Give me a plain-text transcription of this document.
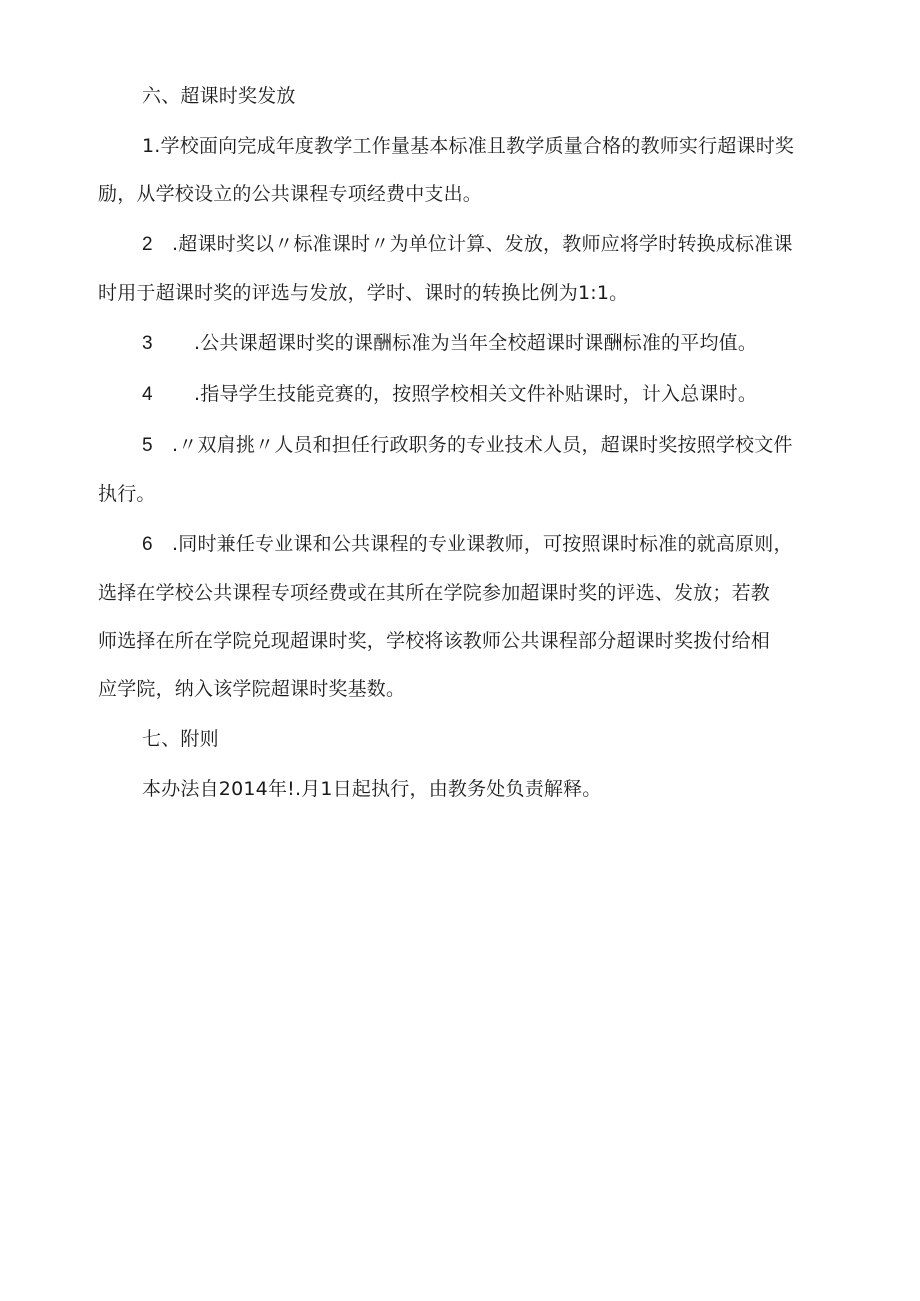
六、超课时奖发放
1.学校面向完成年度教学工作量基本标准且教学质量合格的教师实行超课时奖
励，从学校设立的公共课程专项经费中支出。
2 .超课时奖以〃标准课时〃为单位计算、发放，教师应将学时转换成标准课
时用于超课时奖的评选与发放，学时、课时的转换比例为1:1。
3 .公共课超课时奖的课酬标准为当年全校超课时课酬标准的平均值。
4 .指导学生技能竞赛的，按照学校相关文件补贴课时，计入总课时。
5 .〃双肩挑〃人员和担任行政职务的专业技术人员，超课时奖按照学校文件
执行。
6 .同时兼任专业课和公共课程的专业课教师，可按照课时标准的就高原则，
选择在学校公共课程专项经费或在其所在学院参加超课时奖的评选、发放；若教
师选择在所在学院兑现超课时奖，学校将该教师公共课程部分超课时奖拨付给相
应学院，纳入该学院超课时奖基数。
七、附则
本办法自2014年!.月1日起执行，由教务处负责解释。
